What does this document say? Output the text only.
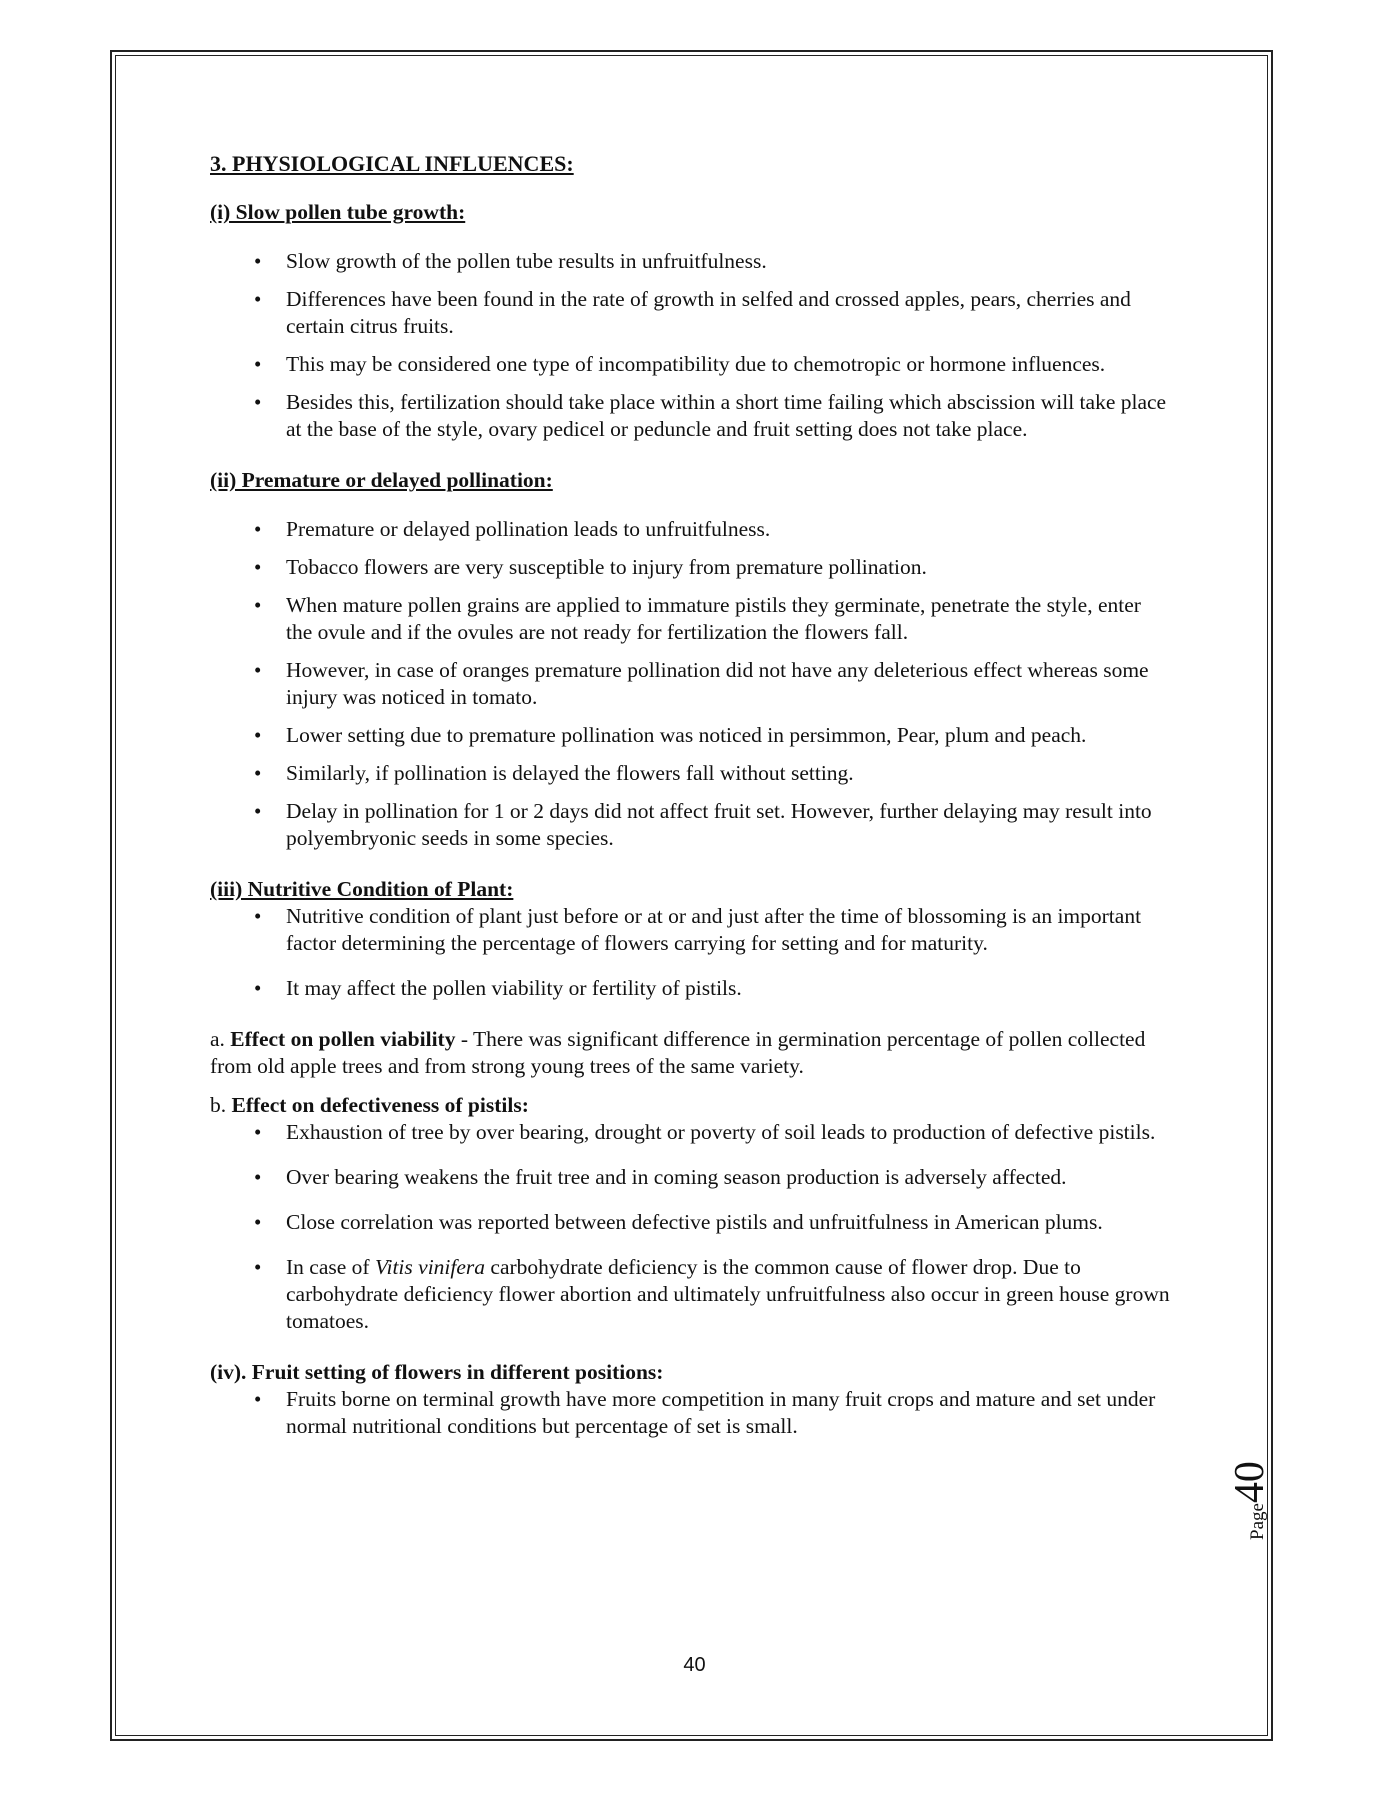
3. PHYSIOLOGICAL INFLUENCES:
(i) Slow pollen tube growth:
• Slow growth of the pollen tube results in unfruitfulness.
• Differences have been found in the rate of growth in selfed and crossed apples, pears, cherries and certain citrus fruits.
• This may be considered one type of incompatibility due to chemotropic or hormone influences.
• Besides this, fertilization should take place within a short time failing which abscission will take place at the base of the style, ovary pedicel or peduncle and fruit setting does not take place.
(ii) Premature or delayed pollination:
• Premature or delayed pollination leads to unfruitfulness.
• Tobacco flowers are very susceptible to injury from premature pollination.
• When mature pollen grains are applied to immature pistils they germinate, penetrate the style, enter the ovule and if the ovules are not ready for fertilization the flowers fall.
• However, in case of oranges premature pollination did not have any deleterious effect whereas some injury was noticed in tomato.
• Lower setting due to premature pollination was noticed in persimmon, Pear, plum and peach.
• Similarly, if pollination is delayed the flowers fall without setting.
• Delay in pollination for 1 or 2 days did not affect fruit set. However, further delaying may result into polyembryonic seeds in some species.
(iii) Nutritive Condition of Plant:
• Nutritive condition of plant just before or at or and just after the time of blossoming is an important factor determining the percentage of flowers carrying for setting and for maturity.
• It may affect the pollen viability or fertility of pistils.

a. Effect on pollen viability - There was significant difference in germination percentage of pollen collected from old apple trees and from strong young trees of the same variety.

b. Effect on defectiveness of pistils:

• Exhaustion of tree by over bearing, drought or poverty of soil leads to production of defective pistils.
• Over bearing weakens the fruit tree and in coming season production is adversely affected.
• Close correlation was reported between defective pistils and unfruitfulness in American plums.
• In case of Vitis vinifera carbohydrate deficiency is the common cause of flower drop. Due to carbohydrate deficiency flower abortion and ultimately unfruitfulness also occur in green house grown tomatoes.
(iv). Fruit setting of flowers in different positions:
• Fruits borne on terminal growth have more competition in many fruit crops and mature and set under normal nutritional conditions but percentage of set is small.
40
Page40
